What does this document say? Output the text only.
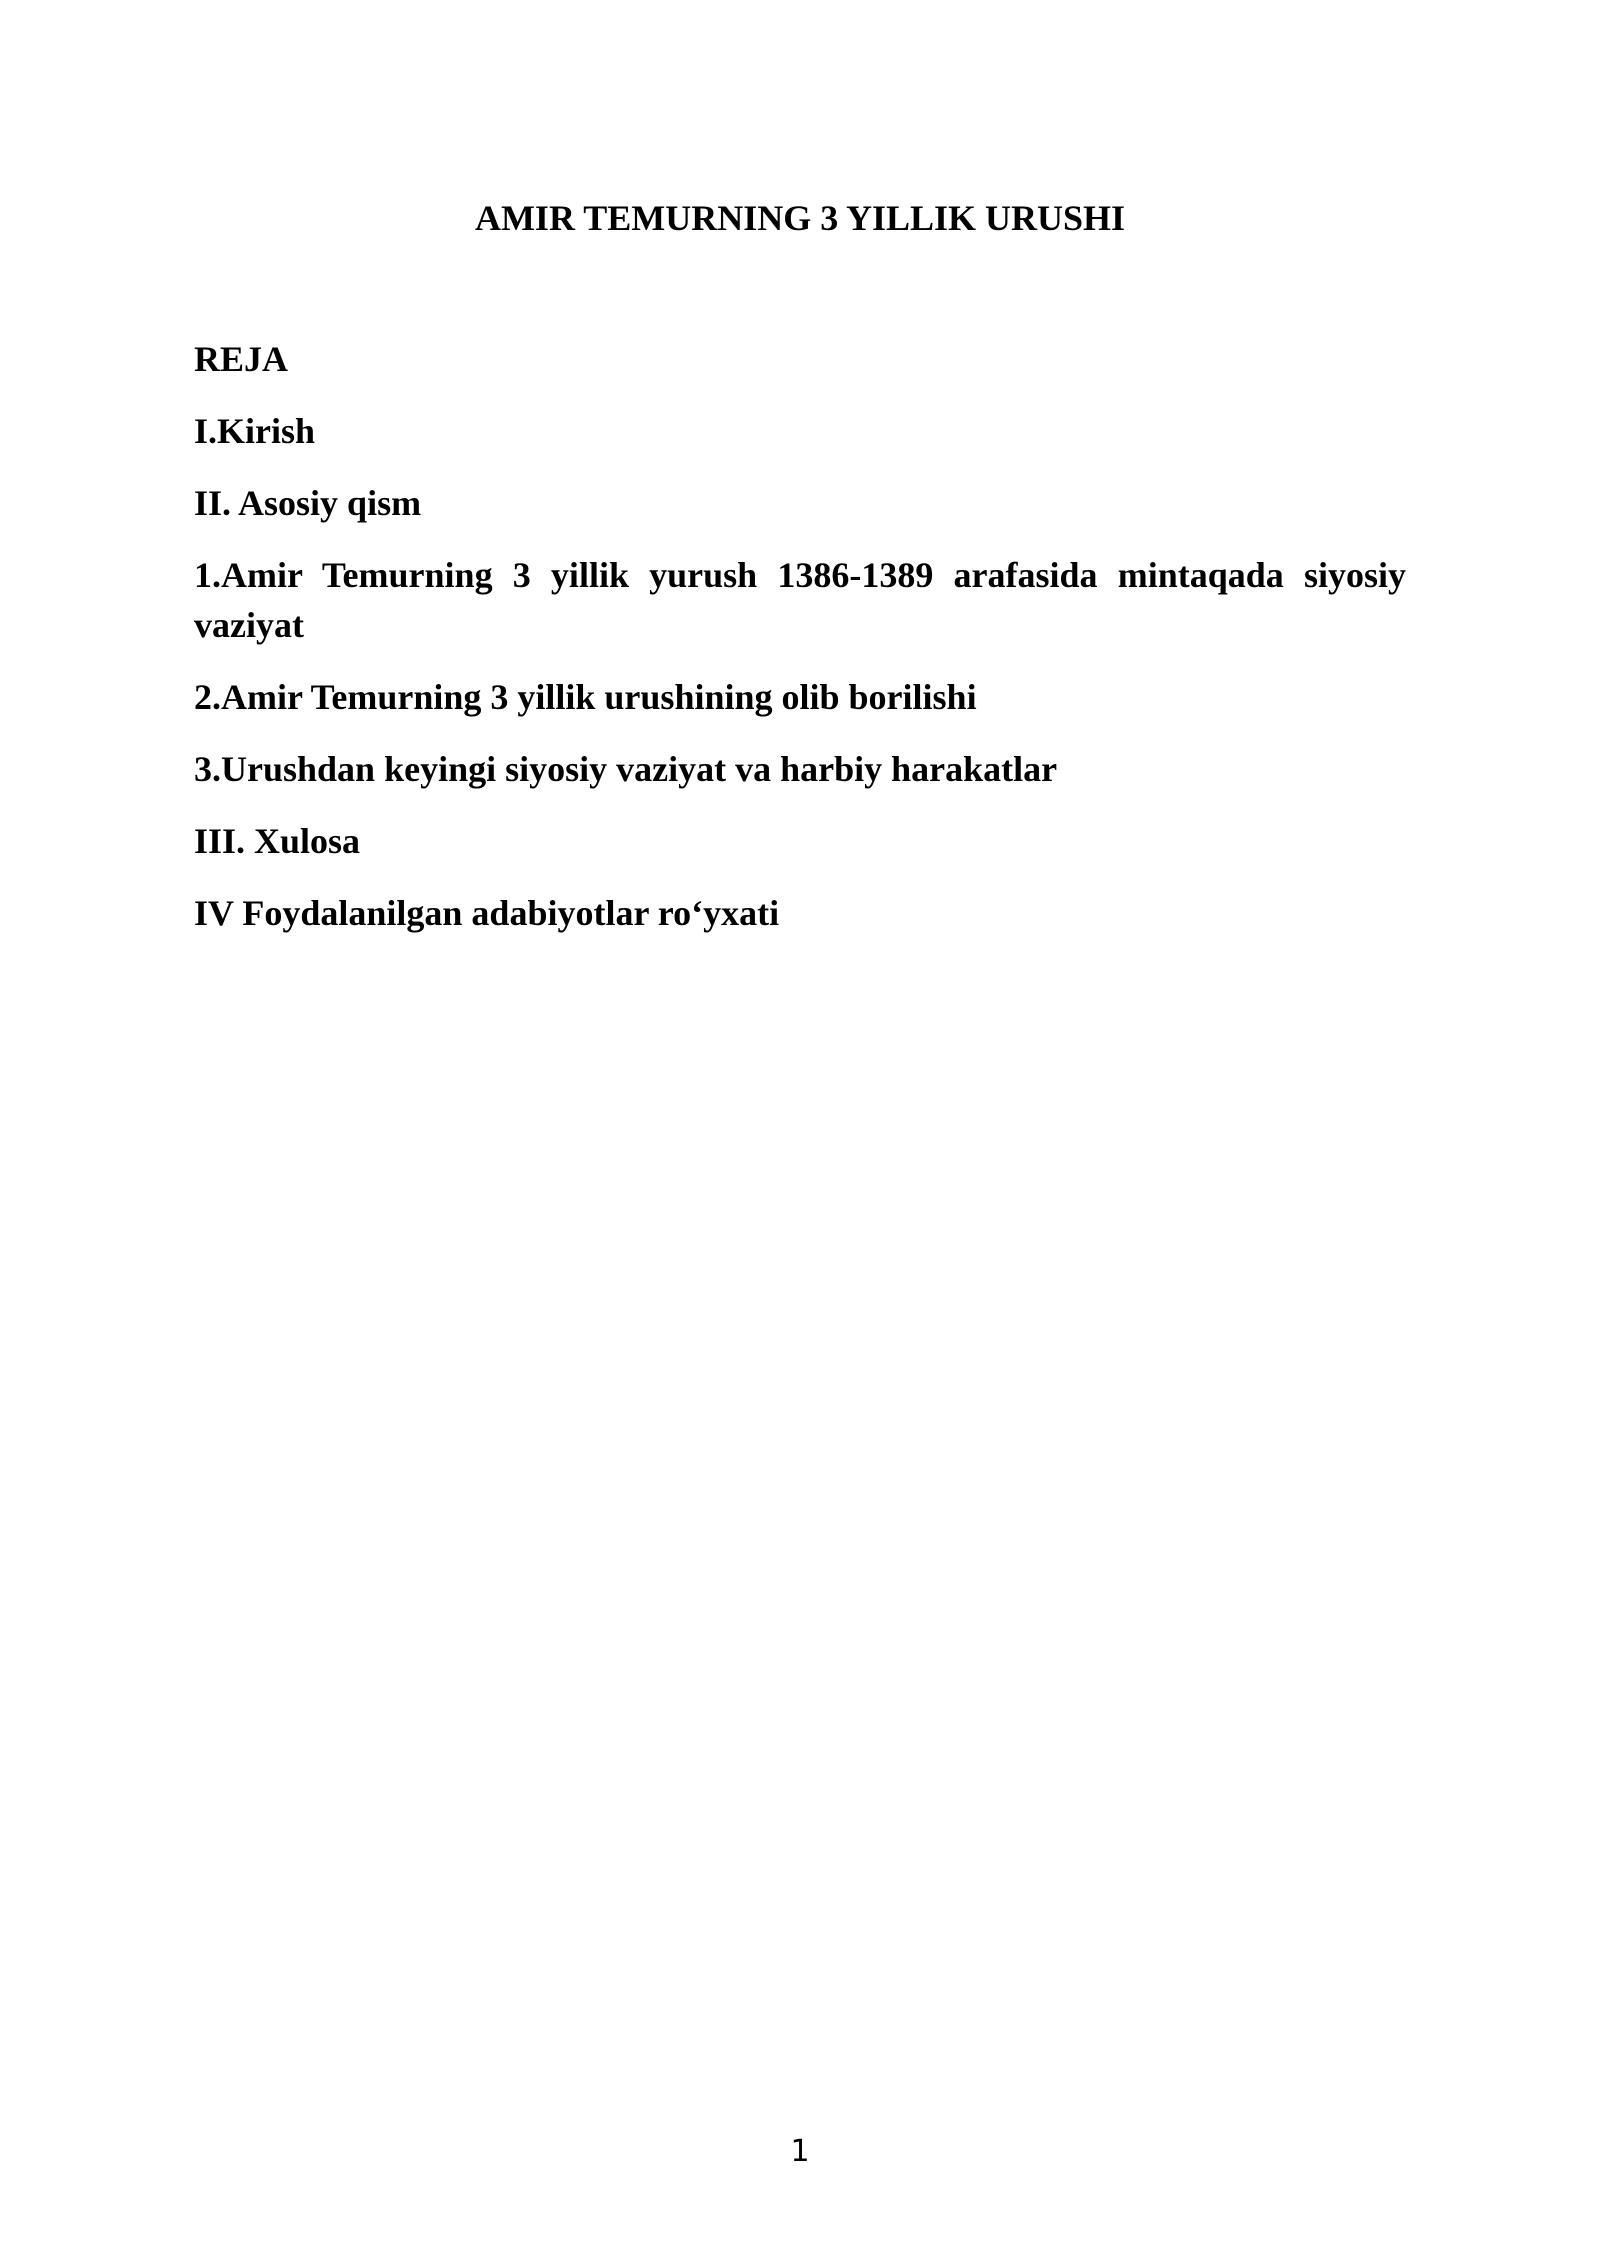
AMIR TEMURNING 3 YILLIK URUSHI
REJA
I.Kirish
II. Asosiy qism
1.Amir Temurning 3 yillik yurush 1386-1389 arafasida mintaqada siyosiy vaziyat
2.Amir Temurning 3 yillik urushining olib borilishi
3.Urushdan keyingi siyosiy vaziyat va harbiy harakatlar
III. Xulosa
IV Foydalanilgan adabiyotlar ro‘yxati
1
